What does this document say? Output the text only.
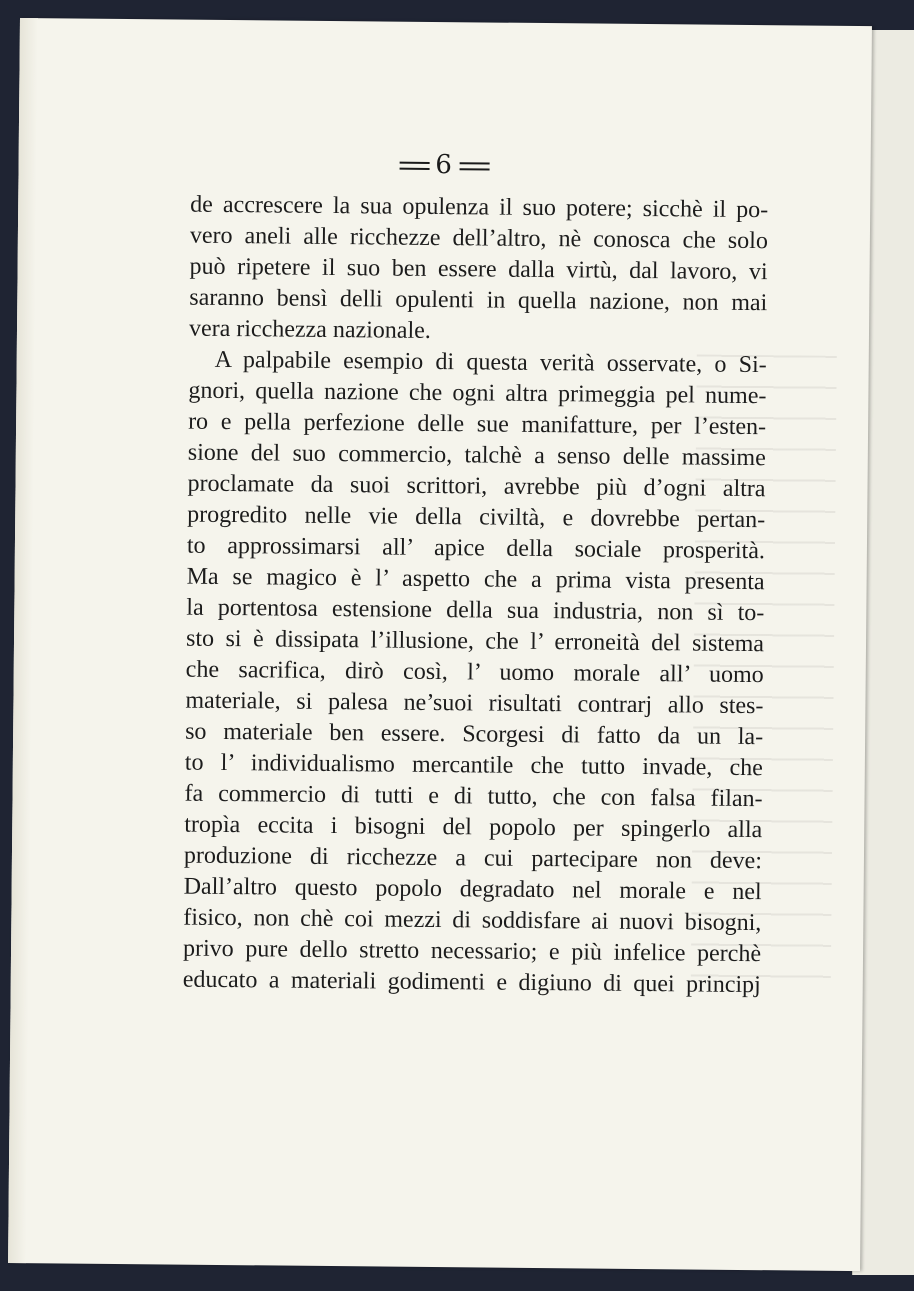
6
de accrescere la sua opulenza il suo potere; sicchè il po-
vero aneli alle ricchezze dell’altro, nè conosca che solo
può ripetere il suo ben essere dalla virtù, dal lavoro, vi
saranno bensì delli opulenti in quella nazione, non mai
vera ricchezza nazionale.
A palpabile esempio di questa verità osservate, o Si-
gnori, quella nazione che ogni altra primeggia pel nume-
ro e pella perfezione delle sue manifatture, per l’esten-
sione del suo commercio, talchè a senso delle massime
proclamate da suoi scrittori, avrebbe più d’ogni altra
progredito nelle vie della civiltà, e dovrebbe pertan-
to approssimarsi all’ apice della sociale prosperità.
Ma se magico è l’ aspetto che a prima vista presenta
la portentosa estensione della sua industria, non sì to-
sto si è dissipata l’illusione, che l’ erroneità del sistema
che sacrifica, dirò così, l’ uomo morale all’ uomo
materiale, si palesa ne’suoi risultati contrarj allo stes-
so materiale ben essere. Scorgesi di fatto da un la-
to l’ individualismo mercantile che tutto invade, che
fa commercio di tutti e di tutto, che con falsa filan-
tropìa eccita i bisogni del popolo per spingerlo alla
produzione di ricchezze a cui partecipare non deve:
Dall’altro questo popolo degradato nel morale e nel
fisico, non chè coi mezzi di soddisfare ai nuovi bisogni,
privo pure dello stretto necessario; e più infelice perchè
educato a materiali godimenti e digiuno di quei principj
